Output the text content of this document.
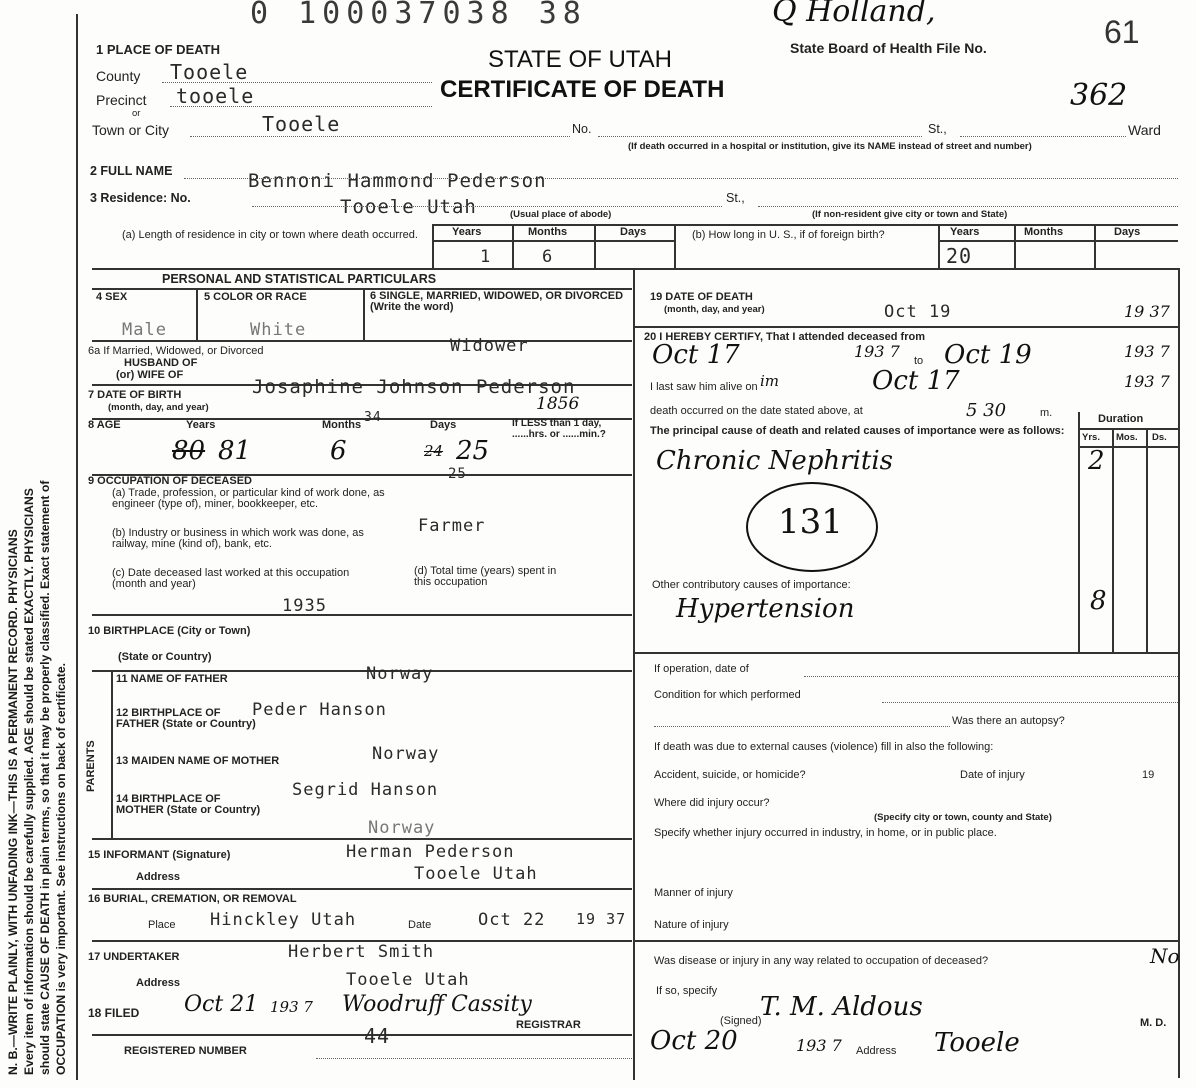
N. B.—WRITE PLAINLY, WITH UNFADING INK—THIS IS A PERMANENT RECORD. PHYSICIANS Every item of information should be carefully supplied. AGE should be stated EXACTLY. PHYSICIANS should state CAUSE OF DEATH in plain terms, so that it may be properly classified. Exact statement of OCCUPATION is very important. See instructions on back of certificate.
0 100037038 38	Q Holland,
STATE OF UTAH
CERTIFICATE OF DEATH
State Board of Health File No.	61
362
1 PLACE OF DEATH
County Tooele
Precinct tooele
or
Town or City	Tooele	No.	St.,	Ward
(If death occurred in a hospital or institution, give its NAME instead of street and number)
2 FULL NAME	Bennoni Hammond Pederson
3 Residence: No.	Tooele Utah	(Usual place of abode)
St.,
(If non-resident give city or town and State)
(a) Length of residence in city or town where death occurred.	Years	Months	Days
1	6
(b) How long in U. S., if of foreign birth?	Years	Months	Days
20
PERSONAL AND STATISTICAL PARTICULARS
4 SEX
Male
5 COLOR OR RACE
White
6 SINGLE, MARRIED, WIDOWED, OR DIVORCED (Write the word)
Widower
6a If Married, Widowed, or Divorced
HUSBAND OF
(or) WIFE OF
Josaphine Johnson Pederson
7 DATE OF BIRTH
(month, day, and year)	1856
34
8 AGE	Years	Months	Days
80 81	6	24 25
If LESS than 1 day, ......hrs. or ......min.?
9 OCCUPATION OF DECEASED	25
(a) Trade, profession, or particular kind of work done, as engineer (type of), miner, bookkeeper, etc.
(b) Industry or business in which work was done, as railway, mine (kind of), bank, etc.
Farmer
(c) Date deceased last worked at this occupation (month and year)
1935
(d) Total time (years) spent in this occupation
10 BIRTHPLACE (City or Town)
(State or Country)
Norway
PARENTS
11 NAME OF FATHER
Peder Hanson
12 BIRTHPLACE OF FATHER (State or Country)
Norway
13 MAIDEN NAME OF MOTHER
Segrid Hanson
14 BIRTHPLACE OF MOTHER (State or Country)
Norway
15 INFORMANT (Signature)	Herman Pederson
Address	Tooele Utah
16 BURIAL, CREMATION, OR REMOVAL
Place Hinckley Utah	Date	Oct 22 19 37
17 UNDERTAKER	Herbert Smith
Address	Tooele Utah
18 FILED Oct 21 193 7 Woodruff Cassity
REGISTRAR
REGISTERED NUMBER
44
19 DATE OF DEATH
(month, day, and year)	Oct 19	19 37
20 I HEREBY CERTIFY, That I attended deceased from
Oct 17	193 7 to Oct 19	193 7
I last saw him alive on im	Oct 17	193 7
death occurred on the date stated above, at	5 30	m.	Duration
Yrs. Mos. Ds.
The principal cause of death and related causes of importance were as follows:
Chronic Nephritis	2
131
Other contributory causes of importance:
Hypertension	8
If operation, date of
Condition for which performed
Was there an autopsy?
If death was due to external causes (violence) fill in also the following:
Accident, suicide, or homicide?	Date of injury	19
Where did injury occur?
(Specify city or town, county and State)
Specify whether injury occurred in industry, in home, or in public place.
Manner of injury
Nature of injury
Was disease or injury in any way related to occupation of deceased?	No
If so, specify
T. M. Aldous
(Signed)	M. D.
Oct 20	193 7 Address Tooele
